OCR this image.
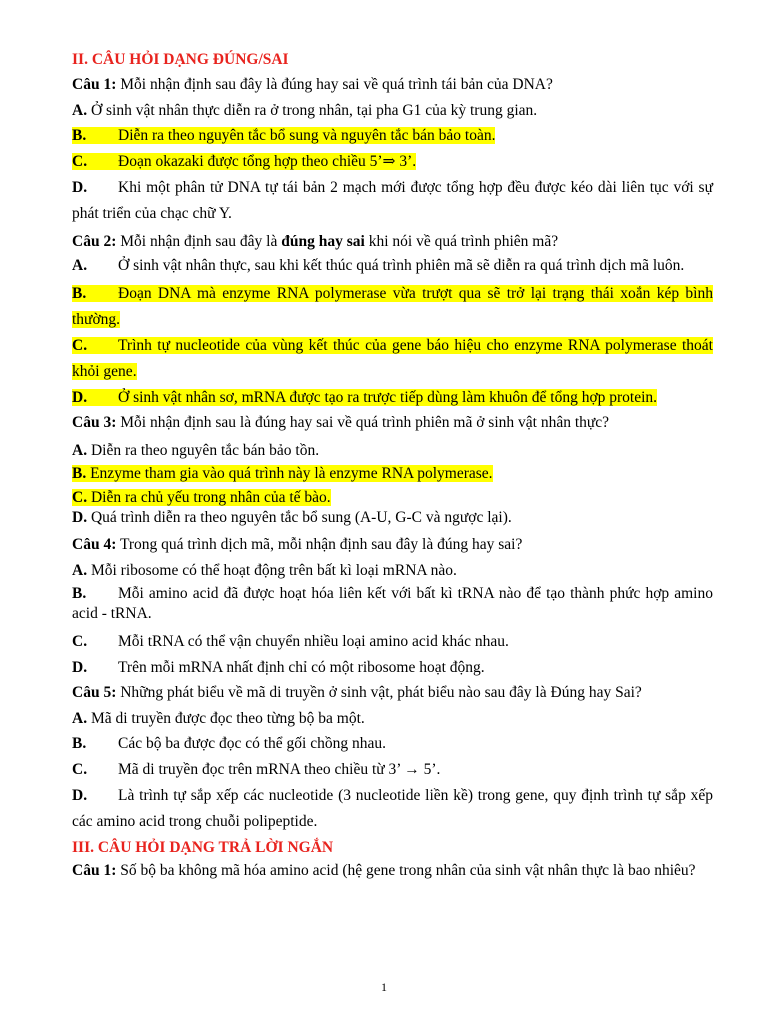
II. CÂU HỎI DẠNG ĐÚNG/SAI

Câu 1: Mỗi nhận định sau đây là đúng hay sai về quá trình tái bản của DNA?

A. Ở sinh vật nhân thực diễn ra ở trong nhân, tại pha G1 của kỳ trung gian.

B. Diễn ra theo nguyên tắc bổ sung và nguyên tắc bán bảo toàn.

C. Đoạn okazaki được tổng hợp theo chiều 5’⇒ 3’.

D. Khi một phân tử DNA tự tái bản 2 mạch mới được tổng hợp đều được kéo dài liên tục với sự phát triển của chạc chữ Y.

Câu 2: Mỗi nhận định sau đây là đúng hay sai khi nói về quá trình phiên mã?

A. Ở sinh vật nhân thực, sau khi kết thúc quá trình phiên mã sẽ diễn ra quá trình dịch mã luôn.

B. Đoạn DNA mà enzyme RNA polymerase vừa trượt qua sẽ trở lại trạng thái xoắn kép bình thường.

C. Trình tự nucleotide của vùng kết thúc của gene báo hiệu cho enzyme RNA polymerase thoát khỏi gene.

D. Ở sinh vật nhân sơ, mRNA được tạo ra trược tiếp dùng làm khuôn để tổng hợp protein.

Câu 3: Mỗi nhận định sau là đúng hay sai về quá trình phiên mã ở sinh vật nhân thực?

A. Diễn ra theo nguyên tắc bán bảo tồn.

B. Enzyme tham gia vào quá trình này là enzyme RNA polymerase.

C. Diễn ra chủ yếu trong nhân của tế bào.

D. Quá trình diễn ra theo nguyên tắc bổ sung (A-U, G-C và ngược lại).

Câu 4: Trong quá trình dịch mã, mỗi nhận định sau đây là đúng hay sai?

A. Mỗi ribosome có thể hoạt động trên bất kì loại mRNA nào.

B. Mỗi amino acid đã được hoạt hóa liên kết với bất kì tRNA nào để tạo thành phức hợp amino acid - tRNA.

C. Mỗi tRNA có thể vận chuyển nhiều loại amino acid khác nhau.

D. Trên mỗi mRNA nhất định chỉ có một ribosome hoạt động.

Câu 5: Những phát biểu về mã di truyền ở sinh vật, phát biểu nào sau đây là Đúng hay Sai?

A. Mã di truyền được đọc theo từng bộ ba một.

B. Các bộ ba được đọc có thể gối chồng nhau.

C. Mã di truyền đọc trên mRNA theo chiều từ 3’ → 5’.

D. Là trình tự sắp xếp các nucleotide (3 nucleotide liền kề) trong gene, quy định trình tự sắp xếp các amino acid trong chuỗi polipeptide.

III. CÂU HỎI DẠNG TRẢ LỜI NGẮN

Câu 1: Số bộ ba không mã hóa amino acid (hệ gene trong nhân của sinh vật nhân thực là bao nhiêu?

1
